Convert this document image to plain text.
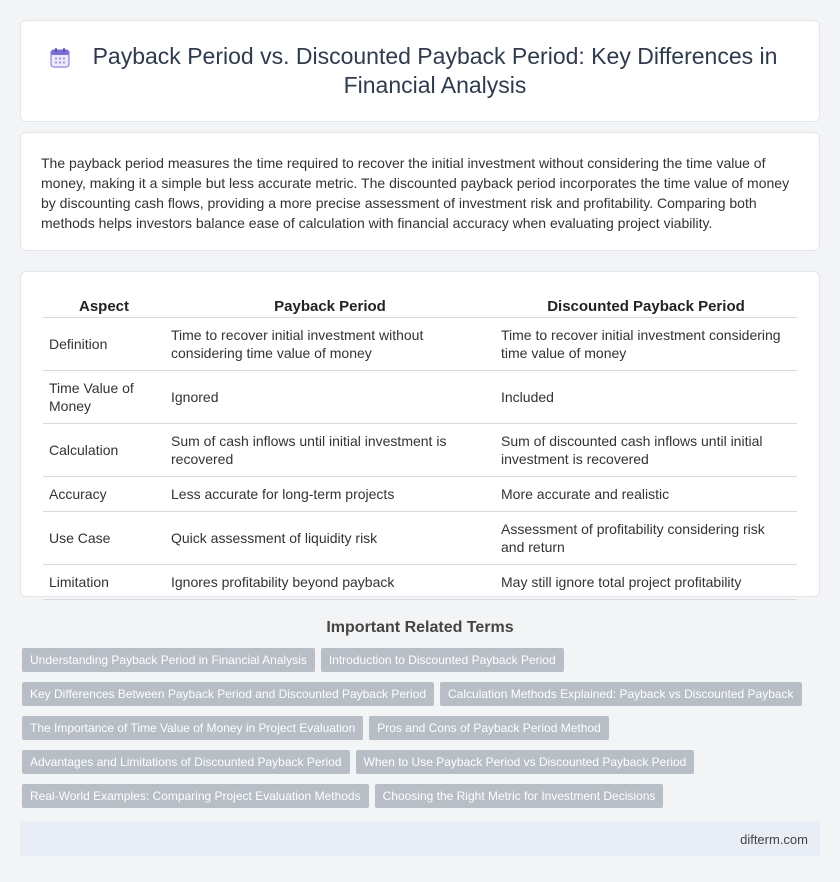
Payback Period vs. Discounted Payback Period: Key Differences in Financial Analysis

The payback period measures the time required to recover the initial investment without considering the time value of money, making it a simple but less accurate metric. The discounted payback period incorporates the time value of money by discounting cash flows, providing a more precise assessment of investment risk and profitability. Comparing both methods helps investors balance ease of calculation with financial accuracy when evaluating project viability.

Aspect	Payback Period	Discounted Payback Period
Definition	Time to recover initial investment without considering time value of money	Time to recover initial investment considering time value of money
Time Value of Money	Ignored	Included
Calculation	Sum of cash inflows until initial investment is recovered	Sum of discounted cash inflows until initial investment is recovered
Accuracy	Less accurate for long-term projects	More accurate and realistic
Use Case	Quick assessment of liquidity risk	Assessment of profitability considering risk and return
Limitation	Ignores profitability beyond payback	May still ignore total project profitability
Important Related Terms
Understanding Payback Period in Financial Analysis	Introduction to Discounted Payback Period
Key Differences Between Payback Period and Discounted Payback Period	Calculation Methods Explained: Payback vs Discounted Payback
The Importance of Time Value of Money in Project Evaluation	Pros and Cons of Payback Period Method
Advantages and Limitations of Discounted Payback Period	When to Use Payback Period vs Discounted Payback Period
Real-World Examples: Comparing Project Evaluation Methods	Choosing the Right Metric for Investment Decisions
difterm.com
